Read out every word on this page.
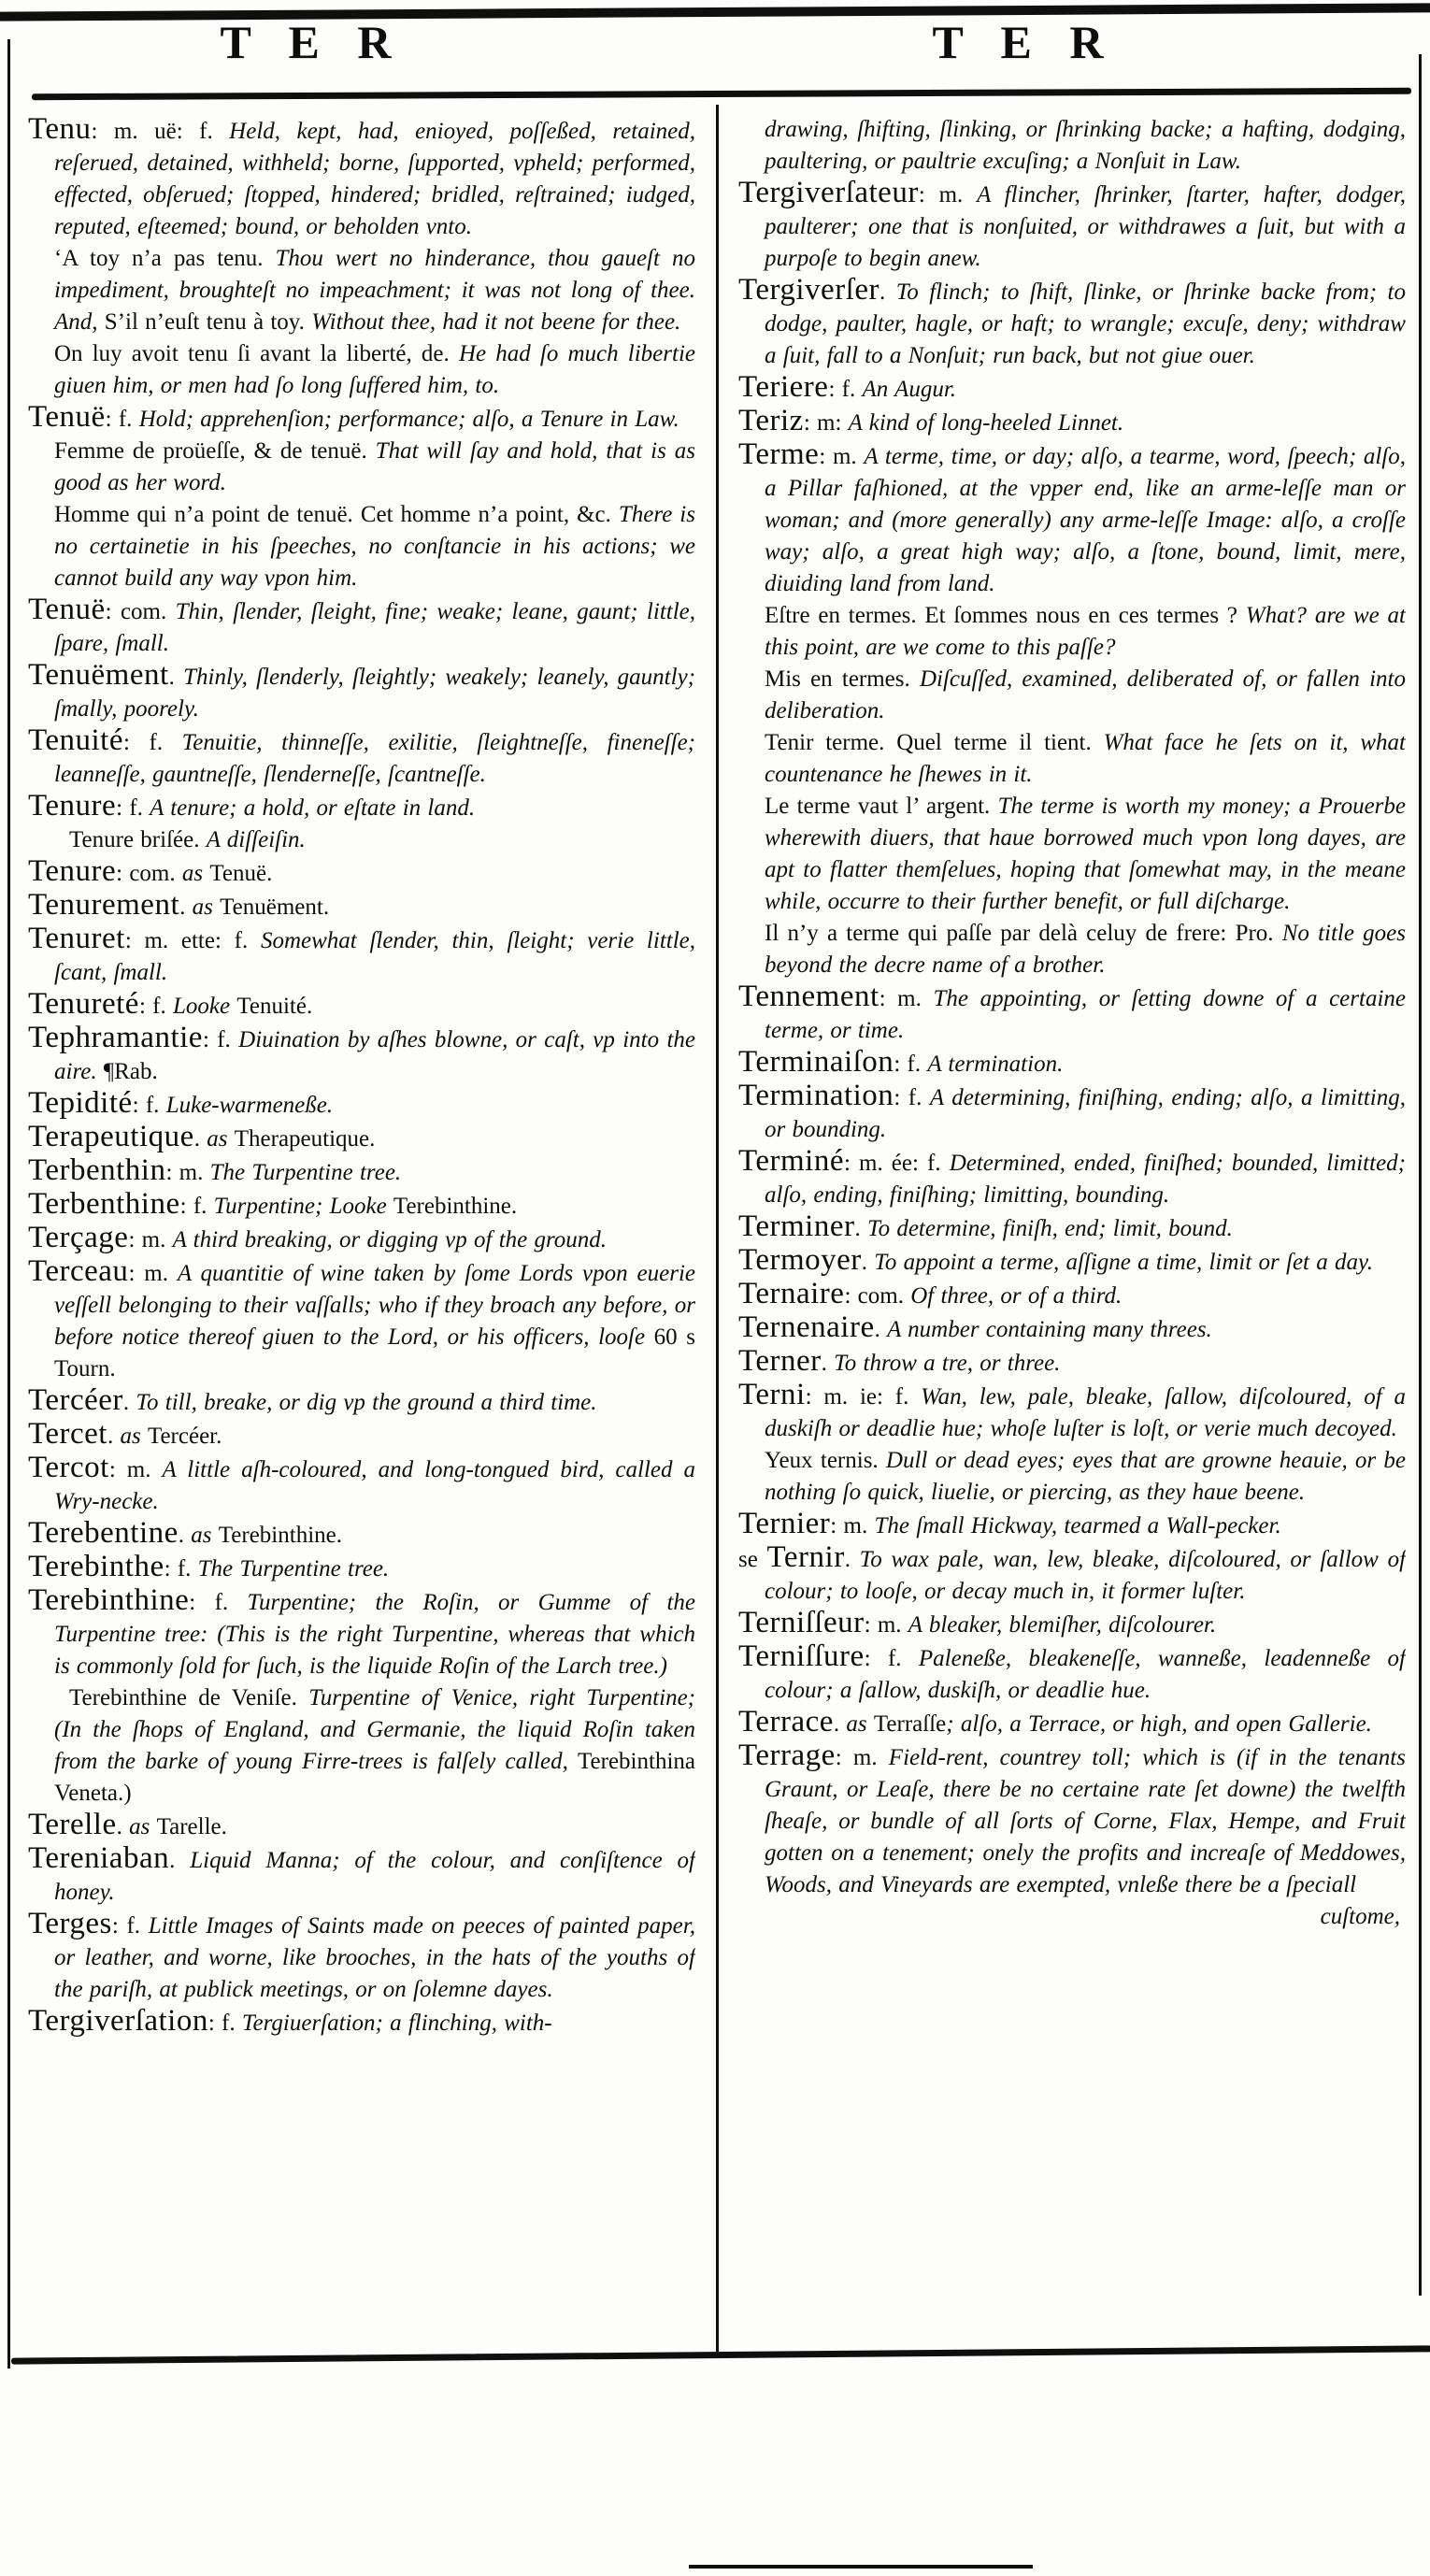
T E R	T E R

Tenu: m. uë: f. Held, kept, had, enioyed, poſſeßed, retained, reſerued, detained, withheld; borne, ſupported, vpheld; performed, effected, obſerued; ſtopped, hindered; bridled, reſtrained; iudged, reputed, eſteemed; bound, or beholden vnto.

‘A toy n’a pas tenu. Thou wert no hinderance, thou gaueſt no impediment, broughteſt no impeachment; it was not long of thee. And, S’il n’euſt tenu à toy. Without thee, had it not beene for thee.

On luy avoit tenu ſi avant la liberté, de. He had ſo much libertie giuen him, or men had ſo long ſuffered him, to.

Tenuë: f. Hold; apprehenſion; performance; alſo, a Tenure in Law.

Femme de proüeſſe, & de tenuë. That will ſay and hold, that is as good as her word.

Homme qui n’a point de tenuë. Cet homme n’a point, &c. There is no certainetie in his ſpeeches, no conſtancie in his actions; we cannot build any way vpon him.

Tenuë: com. Thin, ſlender, ſleight, fine; weake; leane, gaunt; little, ſpare, ſmall.

Tenuëment. Thinly, ſlenderly, ſleightly; weakely; leanely, gauntly; ſmally, poorely.

Tenuité: f. Tenuitie, thinneſſe, exilitie, ſleightneſſe, fineneſſe; leanneſſe, gauntneſſe, ſlenderneſſe, ſcantneſſe.

Tenure: f. A tenure; a hold, or eſtate in land.

Tenure briſée. A diſſeiſin.

Tenure: com. as Tenuë.

Tenurement. as Tenuëment.

Tenuret: m. ette: f. Somewhat ſlender, thin, ſleight; verie little, ſcant, ſmall.

Tenureté: f. Looke Tenuité.

Tephramantie: f. Diuination by aſhes blowne, or caſt, vp into the aire. ¶Rab.

Tepidité: f. Luke-warmeneße.

Terapeutique. as Therapeutique.

Terbenthin: m. The Turpentine tree.

Terbenthine: f. Turpentine; Looke Terebinthine.

Terçage: m. A third breaking, or digging vp of the ground.

Terceau: m. A quantitie of wine taken by ſome Lords vpon euerie veſſell belonging to their vaſſalls; who if they broach any before, or before notice thereof giuen to the Lord, or his officers, looſe 60 s Tourn.

Tercéer. To till, breake, or dig vp the ground a third time.

Tercet. as Tercéer.

Tercot: m. A little aſh-coloured, and long-tongued bird, called a Wry-necke.

Terebentine. as Terebinthine.

Terebinthe: f. The Turpentine tree.

Terebinthine: f. Turpentine; the Roſin, or Gumme of the Turpentine tree: (This is the right Turpentine, whereas that which is commonly ſold for ſuch, is the liquide Roſin of the Larch tree.)

Terebinthine de Veniſe. Turpentine of Venice, right Turpentine; (In the ſhops of England, and Germanie, the liquid Roſin taken from the barke of young Firre-trees is falſely called, Terebinthina Veneta.)

Terelle. as Tarelle.

Tereniaban. Liquid Manna; of the colour, and conſiſtence of honey.

Terges: f. Little Images of Saints made on peeces of painted paper, or leather, and worne, like brooches, in the hats of the youths of the pariſh, at publick meetings, or on ſolemne dayes.

Tergiverſation: f. Tergiuerſation; a flinching, with-

drawing, ſhifting, ſlinking, or ſhrinking backe; a hafting, dodging, paultering, or paultrie excuſing; a Nonſuit in Law.

Tergiverſateur: m. A flincher, ſhrinker, ſtarter, hafter, dodger, paulterer; one that is nonſuited, or withdrawes a ſuit, but with a purpoſe to begin anew.

Tergiverſer. To flinch; to ſhift, ſlinke, or ſhrinke backe from; to dodge, paulter, hagle, or haft; to wrangle; excuſe, deny; withdraw a ſuit, fall to a Nonſuit; run back, but not giue ouer.

Teriere: f. An Augur.

Teriz: m: A kind of long-heeled Linnet.

Terme: m. A terme, time, or day; alſo, a tearme, word, ſpeech; alſo, a Pillar faſhioned, at the vpper end, like an arme-leſſe man or woman; and (more generally) any arme-leſſe Image: alſo, a croſſe way; alſo, a great high way; alſo, a ſtone, bound, limit, mere, diuiding land from land.

Eſtre en termes. Et ſommes nous en ces termes ? What? are we at this point, are we come to this paſſe?

Mis en termes. Diſcuſſed, examined, deliberated of, or fallen into deliberation.

Tenir terme. Quel terme il tient. What face he ſets on it, what countenance he ſhewes in it.

Le terme vaut l’ argent. The terme is worth my money; a Prouerbe wherewith diuers, that haue borrowed much vpon long dayes, are apt to flatter themſelues, hoping that ſomewhat may, in the meane while, occurre to their further benefit, or full diſcharge.

Il n’y a terme qui paſſe par delà celuy de frere: Pro. No title goes beyond the decre name of a brother.

Tennement: m. The appointing, or ſetting downe of a certaine terme, or time.

Terminaiſon: f. A termination.

Termination: f. A determining, finiſhing, ending; alſo, a limitting, or bounding.

Terminé: m. ée: f. Determined, ended, finiſhed; bounded, limitted; alſo, ending, finiſhing; limitting, bounding.

Terminer. To determine, finiſh, end; limit, bound.

Termoyer. To appoint a terme, aſſigne a time, limit or ſet a day.

Ternaire: com. Of three, or of a third.

Ternenaire. A number containing many threes.

Terner. To throw a tre, or three.

Terni: m. ie: f. Wan, lew, pale, bleake, ſallow, diſcoloured, of a duskiſh or deadlie hue; whoſe luſter is loſt, or verie much decoyed.

Yeux ternis. Dull or dead eyes; eyes that are growne heauie, or be nothing ſo quick, liuelie, or piercing, as they haue beene.

Ternier: m. The ſmall Hickway, tearmed a Wall-pecker.

se Ternir. To wax pale, wan, lew, bleake, diſcoloured, or ſallow of colour; to looſe, or decay much in, it former luſter.

Terniſſeur: m. A bleaker, blemiſher, diſcolourer.

Terniſſure: f. Paleneße, bleakeneſſe, wanneße, leadenneße of colour; a ſallow, duskiſh, or deadlie hue.

Terrace. as Terraſſe; alſo, a Terrace, or high, and open Gallerie.

Terrage: m. Field-rent, countrey toll; which is (if in the tenants Graunt, or Leaſe, there be no certaine rate ſet downe) the twelfth ſheaſe, or bundle of all ſorts of Corne, Flax, Hempe, and Fruit gotten on a tenement; onely the profits and increaſe of Meddowes, Woods, and Vineyards are exempted, vnleße there be a ſpeciall

cuſtome,
